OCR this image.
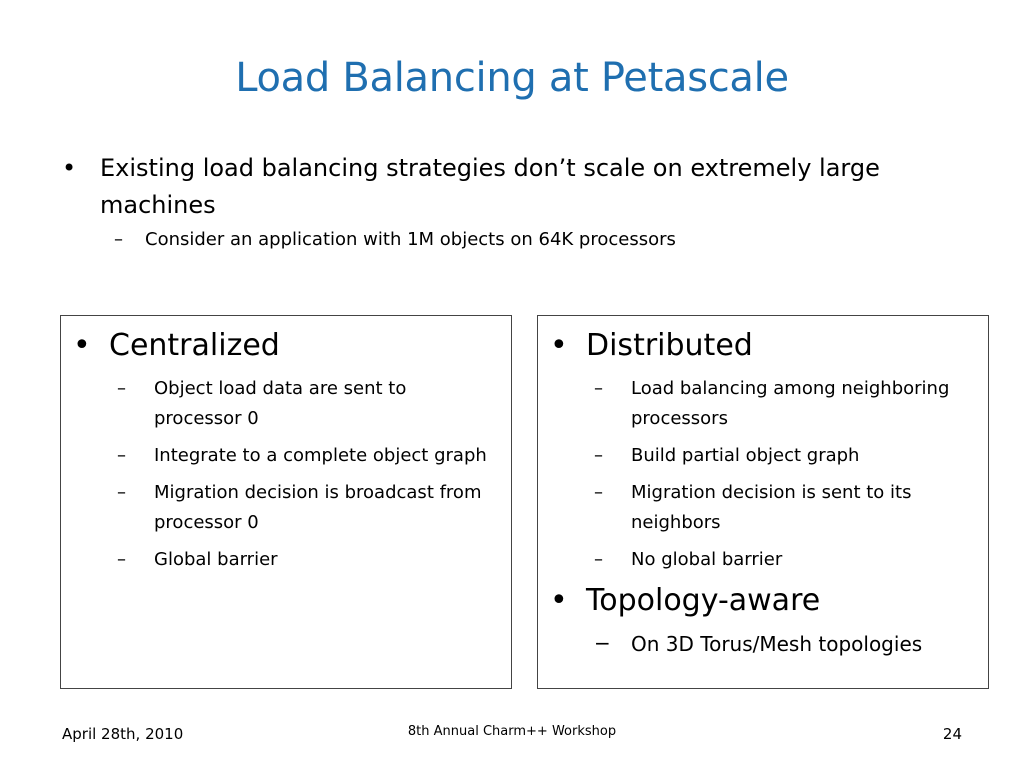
Load Balancing at Petascale
• Existing load balancing strategies don’t scale on extremely large machines
–	Consider an application with 1M objects on 64K processors
• Centralized
–	Object load data are sent to processor 0
–	Integrate to a complete object graph
–	Migration decision is broadcast from processor 0
–	Global barrier
• Distributed
–	Load balancing among neighboring processors
–	Build partial object graph
–	Migration decision is sent to its neighbors
–	No global barrier
• Topology-aware
−	On 3D Torus/Mesh topologies
April 28th, 2010	8th Annual Charm++ Workshop	24
